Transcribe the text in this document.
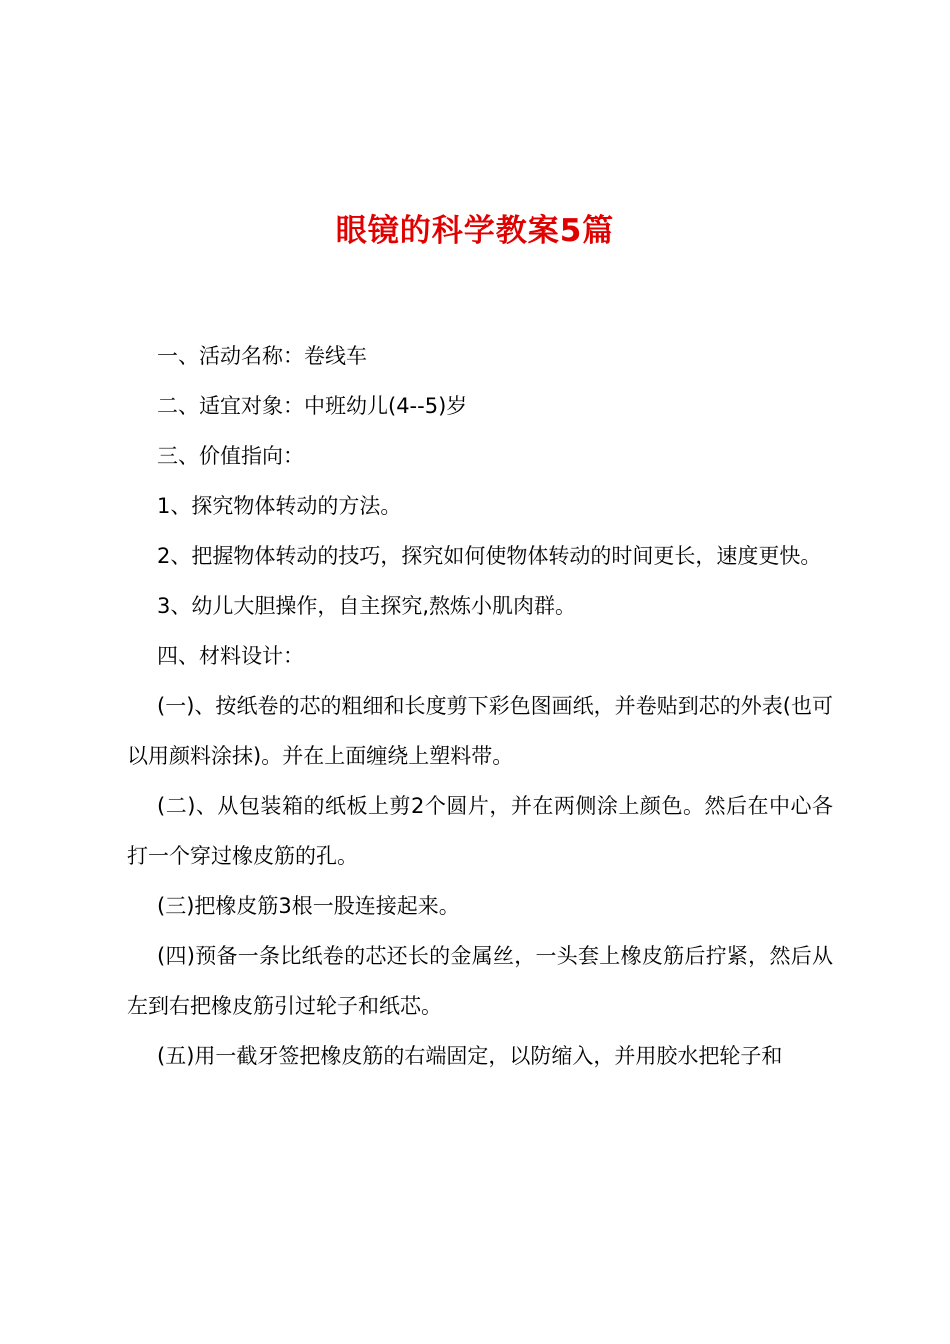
眼镜的科学教案5篇

一、活动名称：卷线车

二、适宜对象：中班幼儿(4--5)岁

三、价值指向：

1、探究物体转动的方法。

2、把握物体转动的技巧，探究如何使物体转动的时间更长，速度更快。

3、幼儿大胆操作，自主探究,熬炼小肌肉群。

四、材料设计：

(一)、按纸卷的芯的粗细和长度剪下彩色图画纸，并卷贴到芯的外表(也可以用颜料涂抹)。并在上面缠绕上塑料带。

(二)、从包装箱的纸板上剪2个圆片，并在两侧涂上颜色。然后在中心各打一个穿过橡皮筋的孔。

(三)把橡皮筋3根一股连接起来。

(四)预备一条比纸卷的芯还长的金属丝，一头套上橡皮筋后拧紧，然后从左到右把橡皮筋引过轮子和纸芯。

(五)用一截牙签把橡皮筋的右端固定，以防缩入，并用胶水把轮子和
